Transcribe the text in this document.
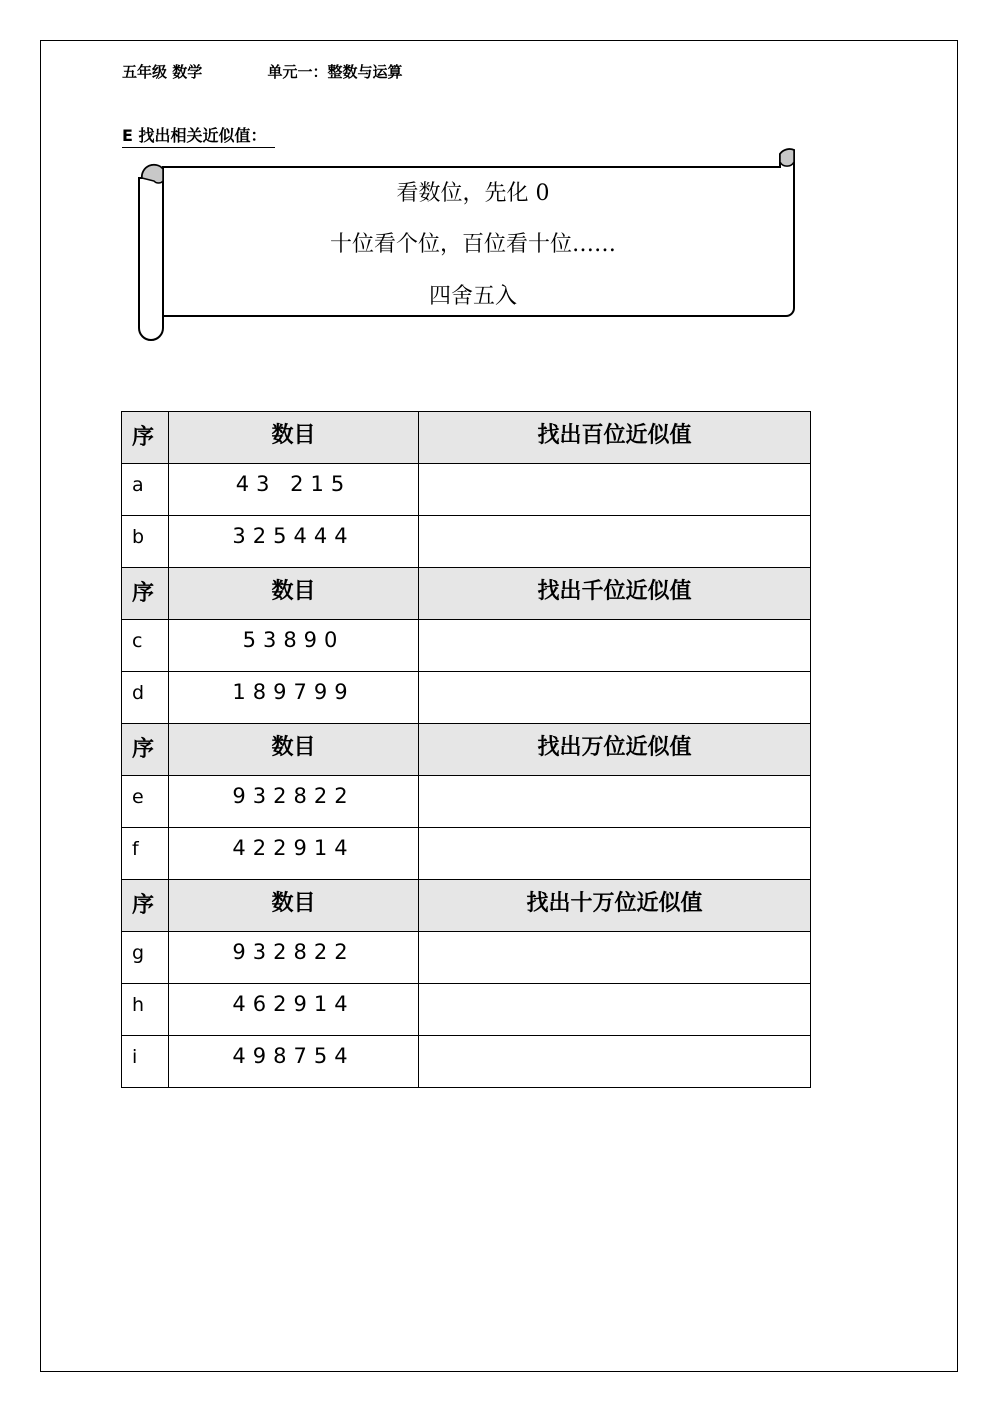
五年级 数学	单元一：整数与运算
E 找出相关近似值：
看数位，先化 0
十位看个位，百位看十位……
四舍五入
序	数目	找出百位近似值
a	43 215	
b	325444	
序	数目	找出千位近似值
c	53890	
d	189799	
序	数目	找出万位近似值
e	932822	
f	422914	
序	数目	找出十万位近似值
g	932822	
h	462914	
i	498754	
